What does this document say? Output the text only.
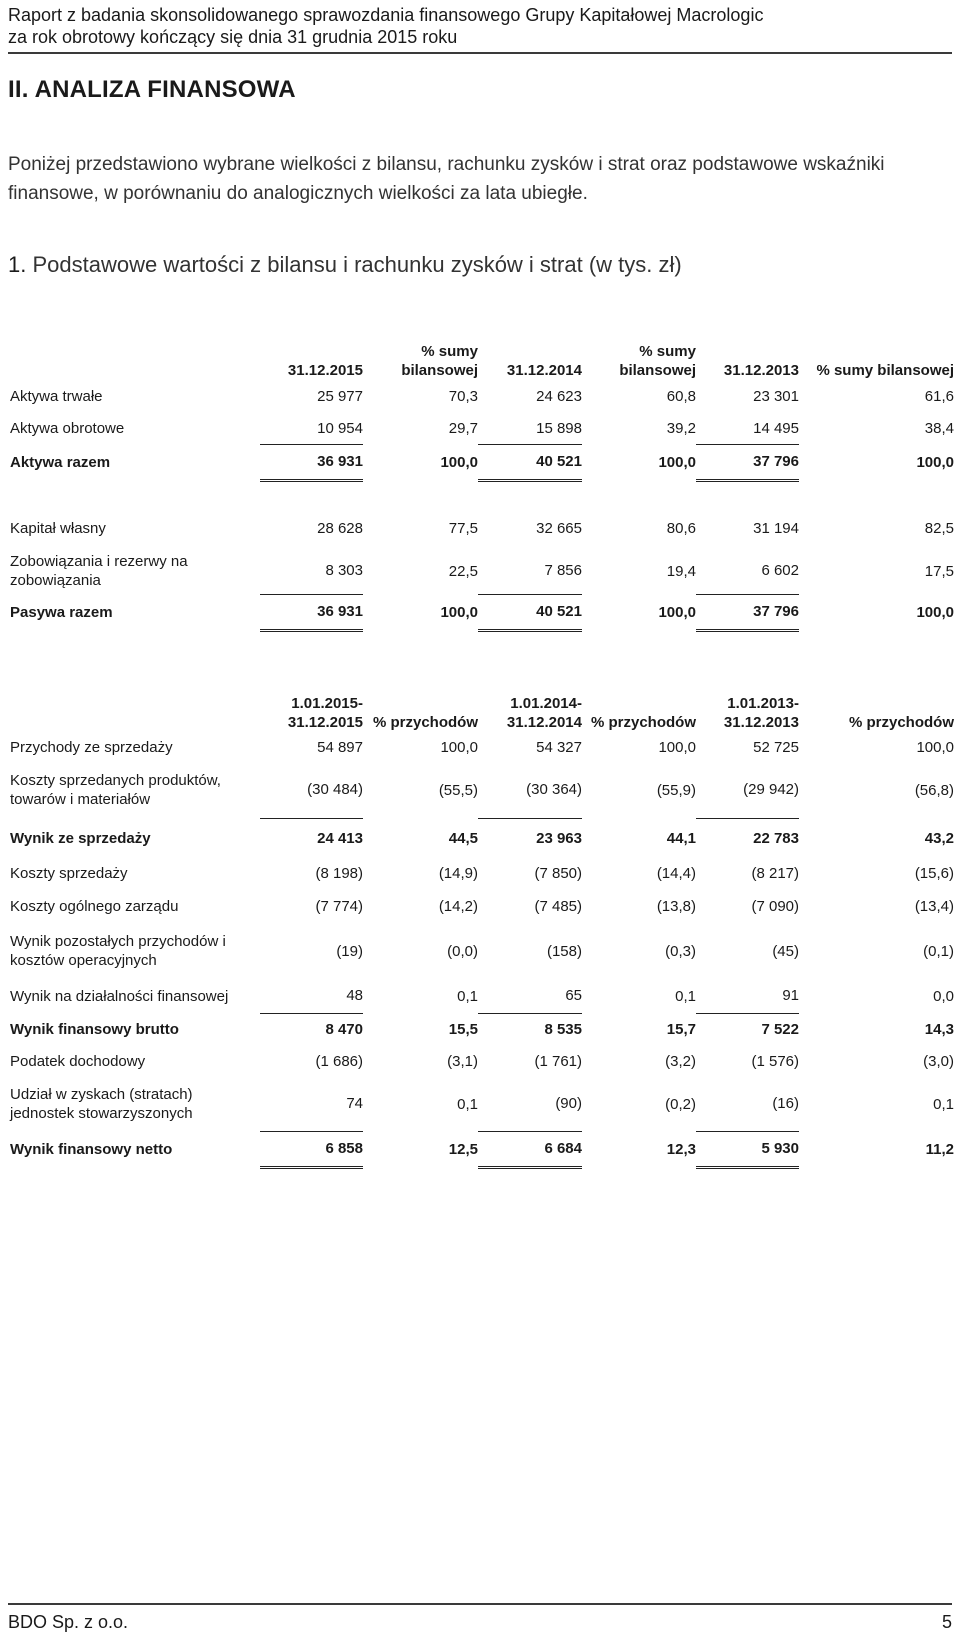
Raport z badania skonsolidowanego sprawozdania finansowego Grupy Kapitałowej Macrologic
za rok obrotowy kończący się dnia 31 grudnia 2015 roku
II. ANALIZA FINANSOWA
Poniżej przedstawiono wybrane wielkości z bilansu, rachunku zysków i strat oraz podstawowe wskaźniki finansowe, w porównaniu do analogicznych wielkości za lata ubiegłe.
1. Podstawowe wartości z bilansu i rachunku zysków i strat (w tys. zł)
	31.12.2015	% sumy bilansowej	31.12.2014	% sumy bilansowej	31.12.2013	% sumy bilansowej
Aktywa trwałe	25 977	70,3	24 623	60,8	23 301	61,6
Aktywa obrotowe	10 954	29,7	15 898	39,2	14 495	38,4
Aktywa razem	36 931	100,0	40 521	100,0	37 796	100,0

Kapitał własny	28 628	77,5	32 665	80,6	31 194	82,5
Zobowiązania i rezerwy na zobowiązania	8 303	22,5	7 856	19,4	6 602	17,5
Pasywa razem	36 931	100,0	40 521	100,0	37 796	100,0
	1.01.2015- 31.12.2015	% przychodów	1.01.2014- 31.12.2014	% przychodów	1.01.2013- 31.12.2013	% przychodów
Przychody ze sprzedaży	54 897	100,0	54 327	100,0	52 725	100,0
Koszty sprzedanych produktów, towarów i materiałów	(30 484)	(55,5)	(30 364)	(55,9)	(29 942)	(56,8)
Wynik ze sprzedaży	24 413	44,5	23 963	44,1	22 783	43,2
Koszty sprzedaży	(8 198)	(14,9)	(7 850)	(14,4)	(8 217)	(15,6)
Koszty ogólnego zarządu	(7 774)	(14,2)	(7 485)	(13,8)	(7 090)	(13,4)
Wynik pozostałych przychodów i kosztów operacyjnych	(19)	(0,0)	(158)	(0,3)	(45)	(0,1)
Wynik na działalności finansowej	48	0,1	65	0,1	91	0,0
Wynik finansowy brutto	8 470	15,5	8 535	15,7	7 522	14,3
Podatek dochodowy	(1 686)	(3,1)	(1 761)	(3,2)	(1 576)	(3,0)
Udział w zyskach (stratach) jednostek stowarzyszonych	74	0,1	(90)	(0,2)	(16)	0,1
Wynik finansowy netto	6 858	12,5	6 684	12,3	5 930	11,2
BDO Sp. z o.o.	5
